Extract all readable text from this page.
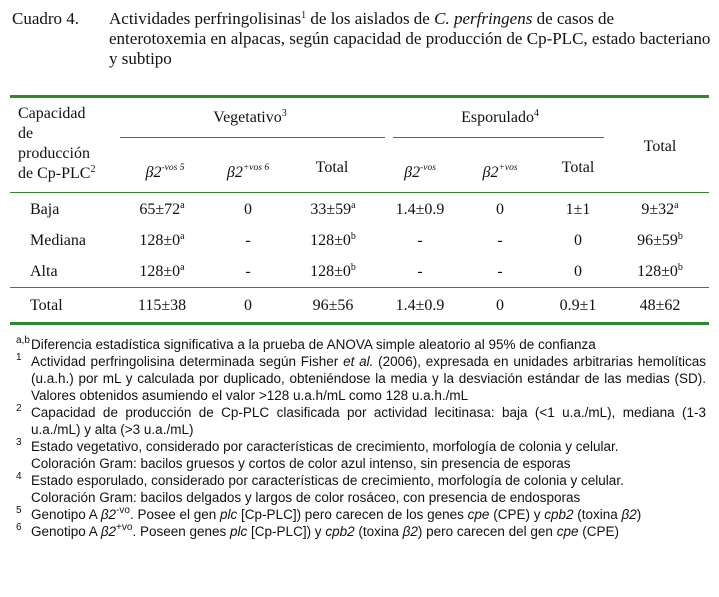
Cuadro 4. Actividades perfringolisinas$^1$ de los aislados de C. perfringens de casos de enterotoxemia en alpacas, según capacidad de producción de Cp-PLC, estado bacteriano y subtipo
Capacidad
de
producción
de Cp-PLC$^2$
Vegetativo$^3$	Esporulado$^4$
Total
$\beta 2^{-vos 5}$	$\beta 2^{+vos 6}$	Total	$\beta 2^{-vos}$	$\beta 2^{+vos}$	Total
Baja	$65\pm 72^a$	0	$33\pm 59^a$	1.4±0.9	0	1±1	$9\pm 32^a$
Mediana	$128\pm 0^a$	-	$128\pm 0^b$	-	-	0	$96\pm 59^b$
Alta	$128\pm 0^a$	-	$128\pm 0^b$	-	-	0	$128\pm 0^b$
Total	115±38	0	96±56	1.4±0.9	0	0.9±1	48±62

a,b Diferencia estadística significativa a la prueba de ANOVA simple aleatorio al 95% de confianza

1 Actividad perfringolisina determinada según Fisher et al. (2006), expresada en unidades arbitrarias hemolíticas (u.a.h.) por mL y calculada por duplicado, obteniéndose la media y la desviación estándar de las medias (SD). Valores obtenidos asumiendo el valor >128 u.a.h/mL como 128 u.a.h./mL

2 Capacidad de producción de Cp-PLC clasificada por actividad lecitinasa: baja (<1 u.a./mL), mediana (1-3 u.a./mL) y alta (>3 u.a./mL)

3 Estado vegetativo, considerado por características de crecimiento, morfología de colonia y celular.
Coloración Gram: bacilos gruesos y cortos de color azul intenso, sin presencia de esporas

4 Estado esporulado, considerado por características de crecimiento, morfología de colonia y celular.
Coloración Gram: bacilos delgados y largos de color rosáceo, con presencia de endosporas

5 Genotipo A $\beta 2^{-vo}$. Posee el gen plc [Cp-PLC]) pero carecen de los genes cpe (CPE) y cpb2 (toxina β2)

6 Genotipo A $\beta 2^{+vo}$. Poseen genes plc [Cp-PLC]) y cpb2 (toxina β2) pero carecen del gen cpe (CPE)
